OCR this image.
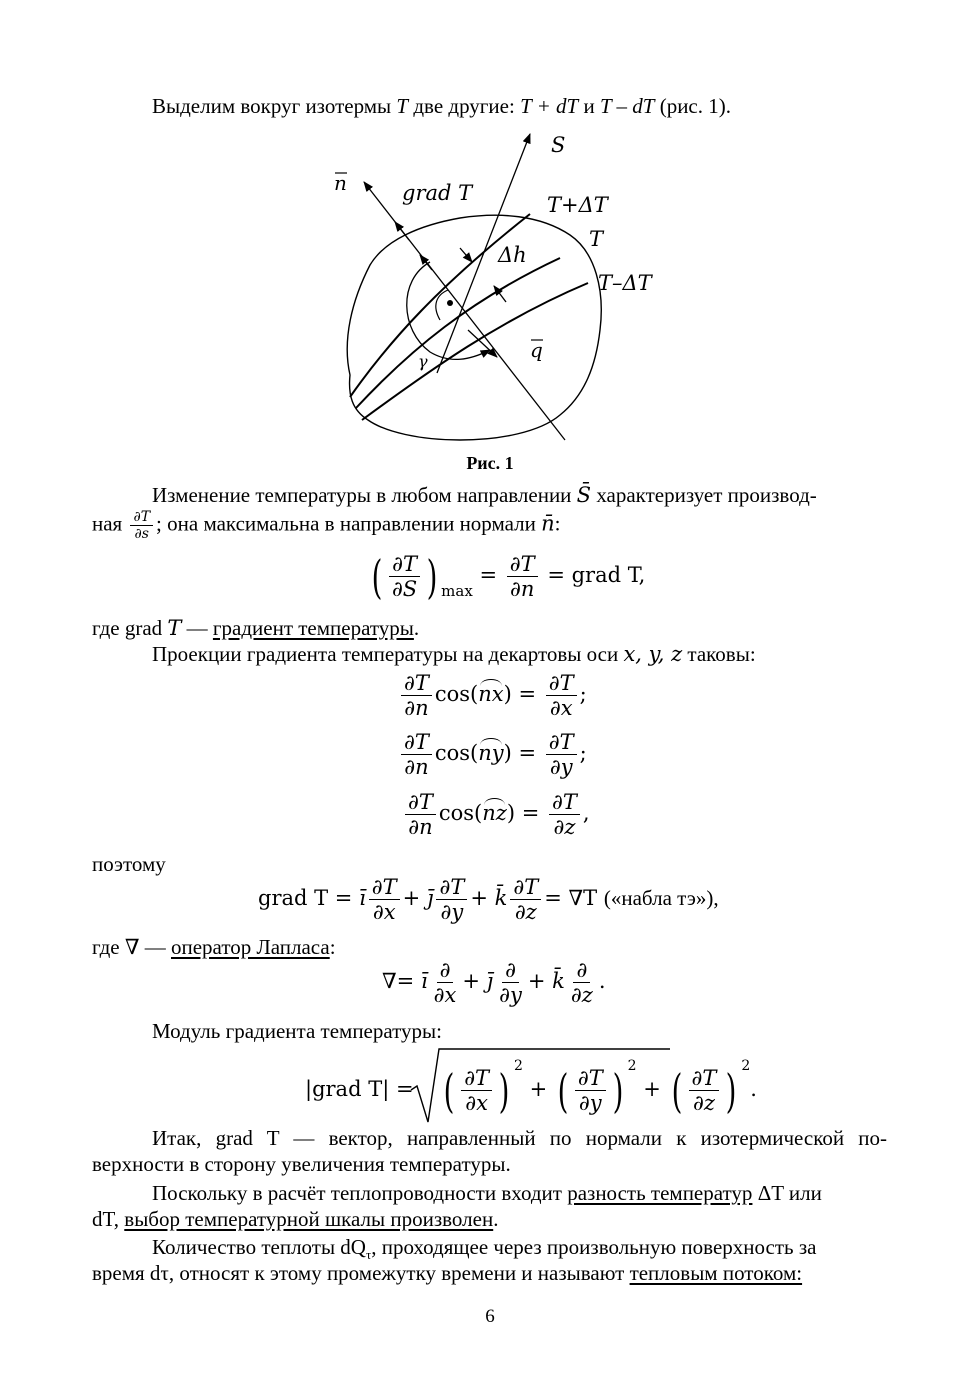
Выделим вокруг изотермы T две другие: T + dT и T – dT (рис. 1).
S
n	grad T	T+ΔT
T
T–ΔT
Δh
q
γ
Рис. 1
Изменение температуры в любом направлении S̄ характеризует производ-
ная $\frac{\partial T}{\partial s}$ ; она максимальна в направлении нормали n̄:
( $\frac{\partial T}{\partial S}$ ) $_{max} = \frac{\partial T}{\partial n}$ = grad T,
где grad T — градиент температуры.
Проекции градиента температуры на декартовы оси x, y, z таковы:
$\frac{\partial T}{\partial n} \cos(nx) = \frac{\partial T}{\partial x}$ ;
$\frac{\partial T}{\partial n} \cos(ny) = \frac{\partial T}{\partial y}$ ;
$\frac{\partial T}{\partial n} \cos(nz) = \frac{\partial T}{\partial z}$ ,
поэтому
grad T = ī $\frac{\partial T}{\partial x}$ + j̄ $\frac{\partial T}{\partial y}$ + k̄ $\frac{\partial T}{\partial z} = \nabla T$ («набла тэ»),
где ∇ — оператор Лапласа:
∇= ī $\frac{\partial}{\partial x}$ + j̄ $\frac{\partial}{\partial y}$ + k̄ $\frac{\partial}{\partial z}$ .
Модуль градиента температуры:
|grad T| = ( $\frac{\partial T}{\partial x}$ ) $^2$ + ( $\frac{\partial T}{\partial y}$ ) $^2$ + ( $\frac{\partial T}{\partial z}$ ) $^2$.
Итак, grad T — вектор, направленный по нормали к изотермической по-
верхности в сторону увеличения температуры.
Поскольку в расчёт теплопроводности входит разность температур ΔT или
dT, выбор температурной шкалы произволен.
Количество теплоты $dQ_\tau$, проходящее через произвольную поверхность за
время dτ, относят к этому промежутку времени и называют тепловым потоком:
6
